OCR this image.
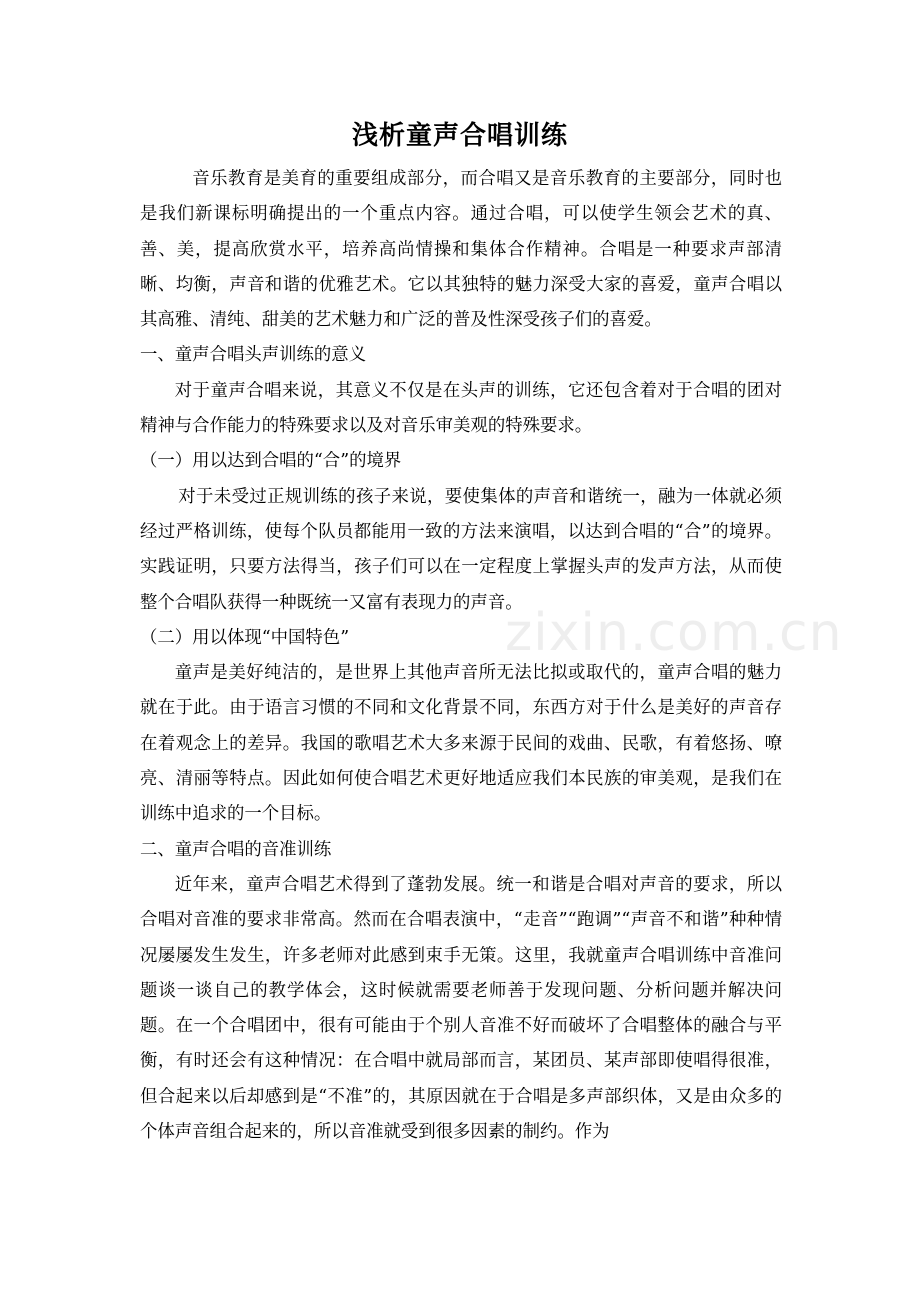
浅析童声合唱训练

音乐教育是美育的重要组成部分，而合唱又是音乐教育的主要部分，同时也是我们新课标明确提出的一个重点内容。通过合唱，可以使学生领会艺术的真、善、美，提高欣赏水平，培养高尚情操和集体合作精神。合唱是一种要求声部清晰、均衡，声音和谐的优雅艺术。它以其独特的魅力深受大家的喜爱，童声合唱以其高雅、清纯、甜美的艺术魅力和广泛的普及性深受孩子们的喜爱。

一、童声合唱头声训练的意义

对于童声合唱来说，其意义不仅是在头声的训练，它还包含着对于合唱的团对精神与合作能力的特殊要求以及对音乐审美观的特殊要求。

（一）用以达到合唱的“合”的境界

对于未受过正规训练的孩子来说，要使集体的声音和谐统一，融为一体就必须经过严格训练，使每个队员都能用一致的方法来演唱，以达到合唱的“合”的境界。实践证明，只要方法得当，孩子们可以在一定程度上掌握头声的发声方法，从而使整个合唱队获得一种既统一又富有表现力的声音。

（二）用以体现“中国特色”

童声是美好纯洁的，是世界上其他声音所无法比拟或取代的，童声合唱的魅力就在于此。由于语言习惯的不同和文化背景不同，东西方对于什么是美好的声音存在着观念上的差异。我国的歌唱艺术大多来源于民间的戏曲、民歌，有着悠扬、嘹亮、清丽等特点。因此如何使合唱艺术更好地适应我们本民族的审美观，是我们在训练中追求的一个目标。

二、童声合唱的音准训练

近年来，童声合唱艺术得到了蓬勃发展。统一和谐是合唱对声音的要求，所以合唱对音准的要求非常高。然而在合唱表演中，“走音”“跑调”“声音不和谐”种种情况屡屡发生发生，许多老师对此感到束手无策。这里，我就童声合唱训练中音准问题谈一谈自己的教学体会，这时候就需要老师善于发现问题、分析问题并解决问题。在一个合唱团中，很有可能由于个别人音准不好而破坏了合唱整体的融合与平衡，有时还会有这种情况：在合唱中就局部而言，某团员、某声部即使唱得很准，但合起来以后却感到是“不准”的，其原因就在于合唱是多声部织体，又是由众多的个体声音组合起来的，所以音准就受到很多因素的制约。作为

zixin.com.cn
